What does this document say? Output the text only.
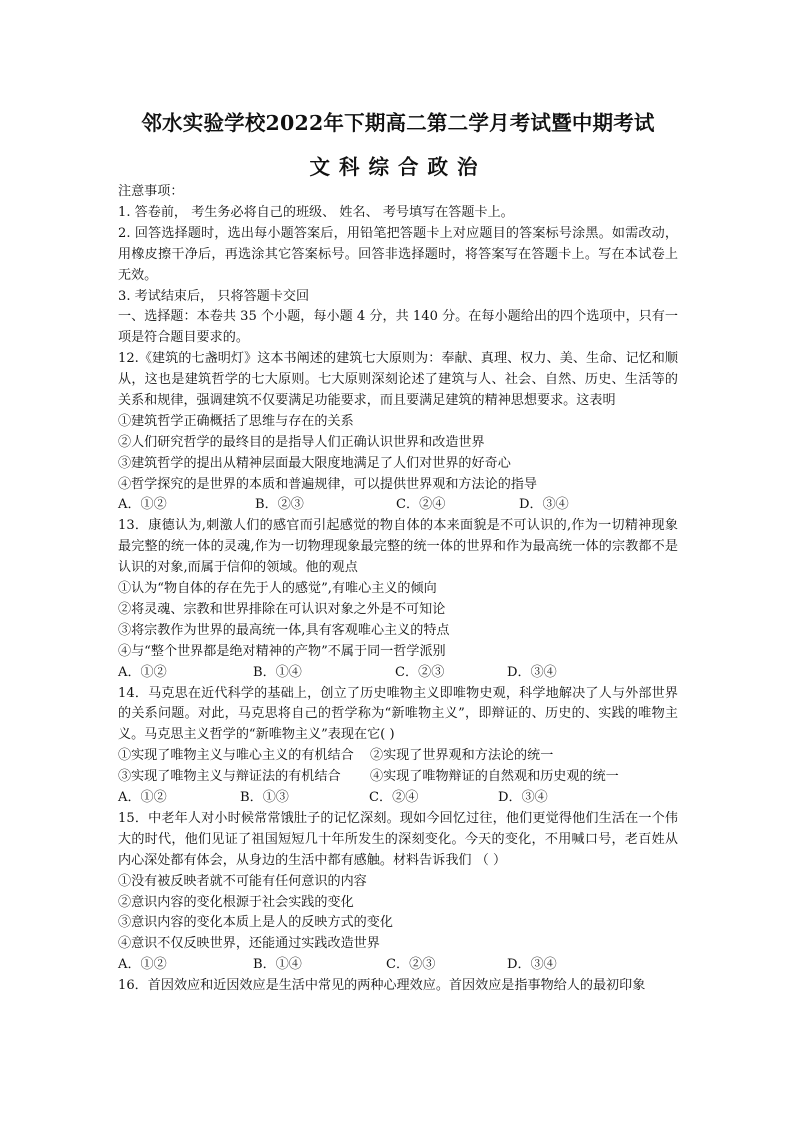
邻水实验学校2022年下期高二第二学月考试暨中期考试
文科综合政治
注意事项：
1. 答卷前， 考生务必将自己的班级、 姓名、 考号填写在答题卡上。
2. 回答选择题时，选出每小题答案后，用铅笔把答题卡上对应题目的答案标号涂黑。如需改动，用橡皮擦干净后，再选涂其它答案标号。回答非选择题时，将答案写在答题卡上。写在本试卷上无效。
3. 考试结束后， 只将答题卡交回
一、选择题：本卷共 35 个小题，每小题 4 分，共 140 分。在每小题给出的四个选项中，只有一项是符合题目要求的。
12.《建筑的七盏明灯》这本书阐述的建筑七大原则为：奉献、真理、权力、美、生命、记忆和顺从，这也是建筑哲学的七大原则。七大原则深刻论述了建筑与人、社会、自然、历史、生活等的关系和规律，强调建筑不仅要满足功能要求，而且要满足建筑的精神思想要求。这表明
①建筑哲学正确概括了思维与存在的关系
②人们研究哲学的最终目的是指导人们正确认识世界和改造世界
③建筑哲学的提出从精神层面最大限度地满足了人们对世界的好奇心
④哲学探究的是世界的本质和普遍规律，可以提供世界观和方法论的指导
A．①②	B．②③	C．②④	D．③④
13．康德认为,刺激人们的感官而引起感觉的物自体的本来面貌是不可认识的,作为一切精神现象最完整的统一体的灵魂,作为一切物理现象最完整的统一体的世界和作为最高统一体的宗教都不是认识的对象,而属于信仰的领域。他的观点
①认为“物自体的存在先于人的感觉”,有唯心主义的倾向
②将灵魂、宗教和世界排除在可认识对象之外是不可知论
③将宗教作为世界的最高统一体,具有客观唯心主义的特点
④与“整个世界都是绝对精神的产物”不属于同一哲学派别
A．①②	B．①④	C．②③	D．③④
14．马克思在近代科学的基础上，创立了历史唯物主义即唯物史观，科学地解决了人与外部世界的关系问题。对此，马克思将自己的哲学称为“新唯物主义”，即辩证的、历史的、实践的唯物主义。马克思主义哲学的“新唯物主义”表现在它( )
①实现了唯物主义与唯心主义的有机结合 ②实现了世界观和方法论的统一
③实现了唯物主义与辩证法的有机结合 ④实现了唯物辩证的自然观和历史观的统一
A．①②	B．①③	C．②④	D．③④
15．中老年人对小时候常常饿肚子的记忆深刻。现如今回忆过往，他们更觉得他们生活在一个伟大的时代，他们见证了祖国短短几十年所发生的深刻变化。今天的变化，不用喊口号，老百姓从内心深处都有体会，从身边的生活中都有感触。材料告诉我们 （ ）
①没有被反映者就不可能有任何意识的内容
②意识内容的变化根源于社会实践的变化
③意识内容的变化本质上是人的反映方式的变化
④意识不仅反映世界，还能通过实践改造世界
A．①②	B．①④	C．②③	D．③④
16．首因效应和近因效应是生活中常见的两种心理效应。首因效应是指事物给人的最初印象
